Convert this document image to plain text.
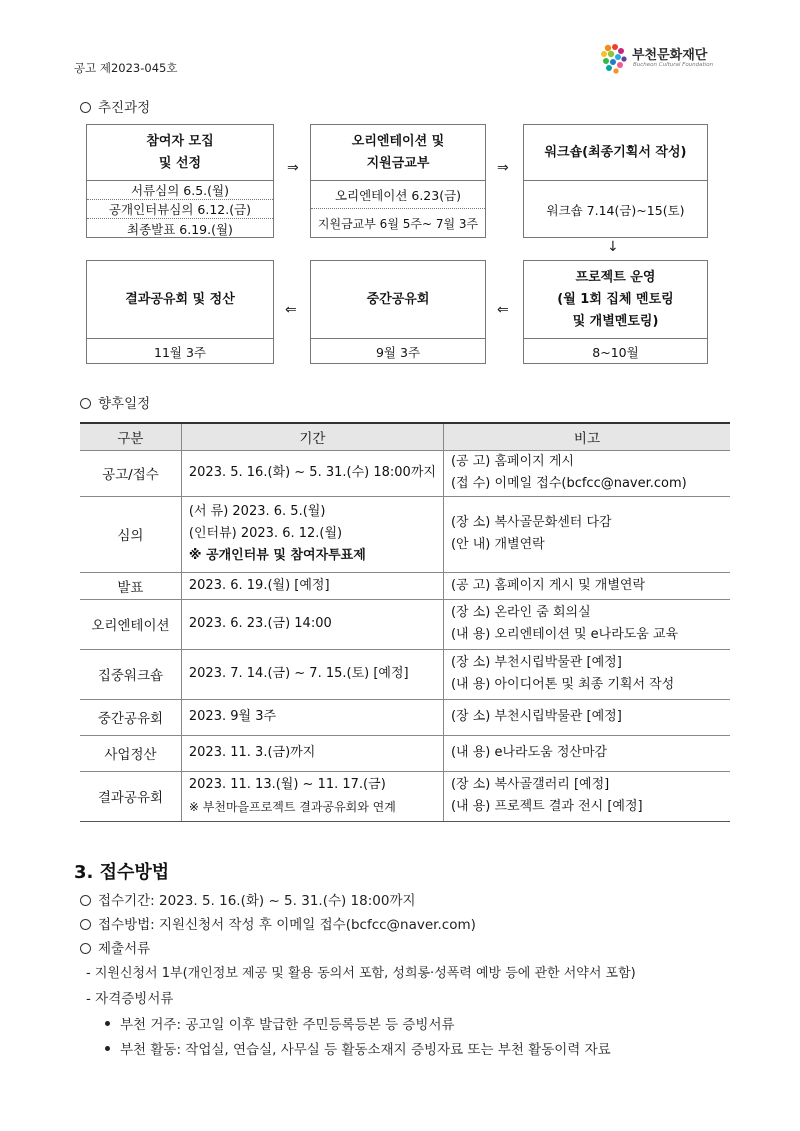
공고 제2023-045호
부천문화재단
Bucheon Cultural Foundation
추진과정
참여자 모집
및 선정
서류심의 6.5.(월)
공개인터뷰심의 6.12.(금)
최종발표 6.19.(월)
⇒
오리엔테이션 및
지원금교부
오리엔테이션 6.23(금)
지원금교부 6월 5주~ 7월 3주
⇒
워크숍(최종기획서 작성)
워크숍 7.14(금)~15(토)
↓
결과공유회 및 정산
11월 3주
⇐
중간공유회
9월 3주
⇐
프로젝트 운영
(월 1회 집체 멘토링
및 개별멘토링)
8~10월
향후일정
구분	기간	비고
공고/접수	2023. 5. 16.(화) ~ 5. 31.(수) 18:00까지	(공 고) 홈페이지 게시
(접 수) 이메일 접수(bcfcc@naver.com)

심의	(서 류) 2023. 6. 5.(월)
(인터뷰) 2023. 6. 12.(월)
※ 공개인터뷰 및 참여자투표제	(장 소) 복사골문화센터 다감
(안 내) 개별연락

발표	2023. 6. 19.(월) [예정]	(공 고) 홈페이지 게시 및 개별연락

오리엔테이션	2023. 6. 23.(금) 14:00	(장 소) 온라인 줌 회의실
(내 용) 오리엔테이션 및 e나라도움 교육

집중워크숍	2023. 7. 14.(금) ~ 7. 15.(토) [예정]	(장 소) 부천시립박물관 [예정]
(내 용) 아이디어톤 및 최종 기획서 작성

중간공유회	2023. 9월 3주	(장 소) 부천시립박물관 [예정]

사업정산	2023. 11. 3.(금)까지	(내 용) e나라도움 정산마감

결과공유회	2023. 11. 13.(월) ~ 11. 17.(금)
※ 부천마을프로젝트 결과공유회와 연계	(장 소) 복사골갤러리 [예정]
(내 용) 프로젝트 결과 전시 [예정]
3. 접수방법
접수기간: 2023. 5. 16.(화) ~ 5. 31.(수) 18:00까지
접수방법: 지원신청서 작성 후 이메일 접수(bcfcc@naver.com)
제출서류
- 지원신청서 1부(개인정보 제공 및 활용 동의서 포함, 성희롱·성폭력 예방 등에 관한 서약서 포함)
- 자격증빙서류
부천 거주: 공고일 이후 발급한 주민등록등본 등 증빙서류
부천 활동: 작업실, 연습실, 사무실 등 활동소재지 증빙자료 또는 부천 활동이력 자료
